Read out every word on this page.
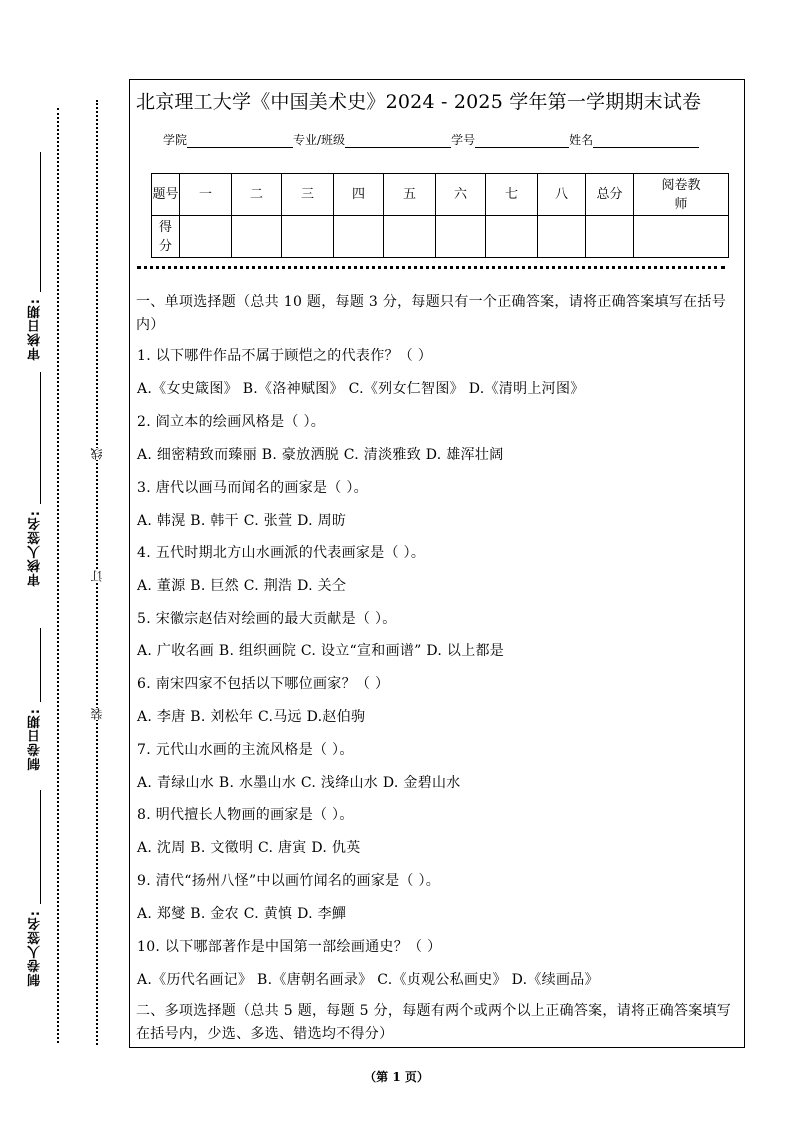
审核日期:
审核人签名:
制卷日期:
制卷人签名:
线
订
装
北京理工大学《中国美术史》2024 - 2025 学年第一学期期末试卷
学院	专业/班级	学号	姓名
题号	一	二	三	四	五	六	七	八	总分	阅卷教师

得分										

一、单项选择题（总共 10 题，每题 3 分，每题只有一个正确答案，请将正确答案填写在括号内）
1. 以下哪件作品不属于顾恺之的代表作？（ ）
A.《女史箴图》 B.《洛神赋图》 C.《列女仁智图》 D.《清明上河图》
2. 阎立本的绘画风格是（ ）。
A. 细密精致而臻丽 B. 豪放洒脱 C. 清淡雅致 D. 雄浑壮阔
3. 唐代以画马而闻名的画家是（ ）。
A. 韩滉 B. 韩干 C. 张萱 D. 周昉
4. 五代时期北方山水画派的代表画家是（ ）。
A. 董源 B. 巨然 C. 荆浩 D. 关仝
5. 宋徽宗赵佶对绘画的最大贡献是（ ）。
A. 广收名画 B. 组织画院 C. 设立“宣和画谱” D. 以上都是
6. 南宋四家不包括以下哪位画家？（ ）
A. 李唐 B. 刘松年 C.马远 D.赵伯驹
7. 元代山水画的主流风格是（ ）。
A. 青绿山水 B. 水墨山水 C. 浅绛山水 D. 金碧山水
8. 明代擅长人物画的画家是（ ）。
A. 沈周 B. 文徵明 C. 唐寅 D. 仇英
9. 清代“扬州八怪”中以画竹闻名的画家是（ ）。
A. 郑燮 B. 金农 C. 黄慎 D. 李鱓
10. 以下哪部著作是中国第一部绘画通史？（ ）
A.《历代名画记》 B.《唐朝名画录》 C.《贞观公私画史》 D.《续画品》
二、多项选择题（总共 5 题，每题 5 分，每题有两个或两个以上正确答案，请将正确答案填写在括号内，少选、多选、错选均不得分）
（第 1 页）
